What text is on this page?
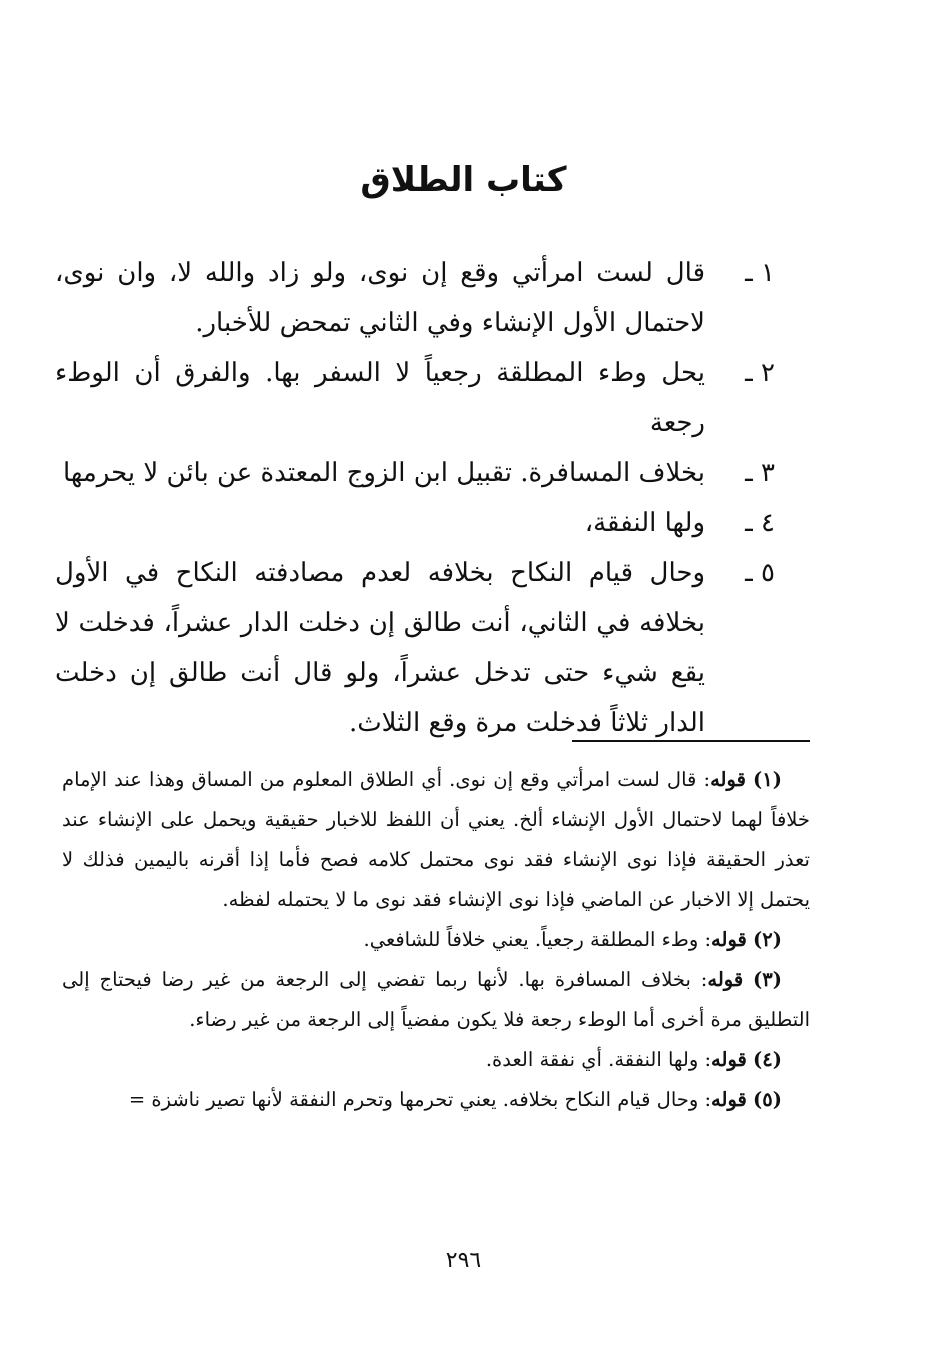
كتاب الطلاق
١ ـ
قال لست امرأتي وقع إن نوى، ولو زاد والله لا، وان نوى، لاحتمال الأول الإنشاء وفي الثاني تمحض للأخبار.
٢ ـ
يحل وطء المطلقة رجعياً لا السفر بها. والفرق أن الوطء رجعة
٣ ـ
بخلاف المسافرة. تقبيل ابن الزوج المعتدة عن بائن لا يحرمها
٤ ـ
ولها النفقة،
٥ ـ
وحال قيام النكاح بخلافه لعدم مصادفته النكاح في الأول بخلافه في الثاني، أنت طالق إن دخلت الدار عشراً، فدخلت لا يقع شيء حتى تدخل عشراً، ولو قال أنت طالق إن دخلت الدار ثلاثاً فدخلت مرة وقع الثلاث.
(١) قوله: قال لست امرأتي وقع إن نوى. أي الطلاق المعلوم من المساق وهذا عند الإمام خلافاً لهما لاحتمال الأول الإنشاء ألخ. يعني أن اللفظ للاخبار حقيقية ويحمل على الإنشاء عند تعذر الحقيقة فإذا نوى الإنشاء فقد نوى محتمل كلامه فصح فأما إذا أقرنه باليمين فذلك لا يحتمل إلا الاخبار عن الماضي فإذا نوى الإنشاء فقد نوى ما لا يحتمله لفظه.
(٢) قوله: وطء المطلقة رجعياً. يعني خلافاً للشافعي.
(٣) قوله: بخلاف المسافرة بها. لأنها ربما تفضي إلى الرجعة من غير رضا فيحتاج إلى التطليق مرة أخرى أما الوطء رجعة فلا يكون مفضياً إلى الرجعة من غير رضاء.
(٤) قوله: ولها النفقة. أي نفقة العدة.
(٥) قوله: وحال قيام النكاح بخلافه. يعني تحرمها وتحرم النفقة لأنها تصير ناشزة =
٢٩٦
